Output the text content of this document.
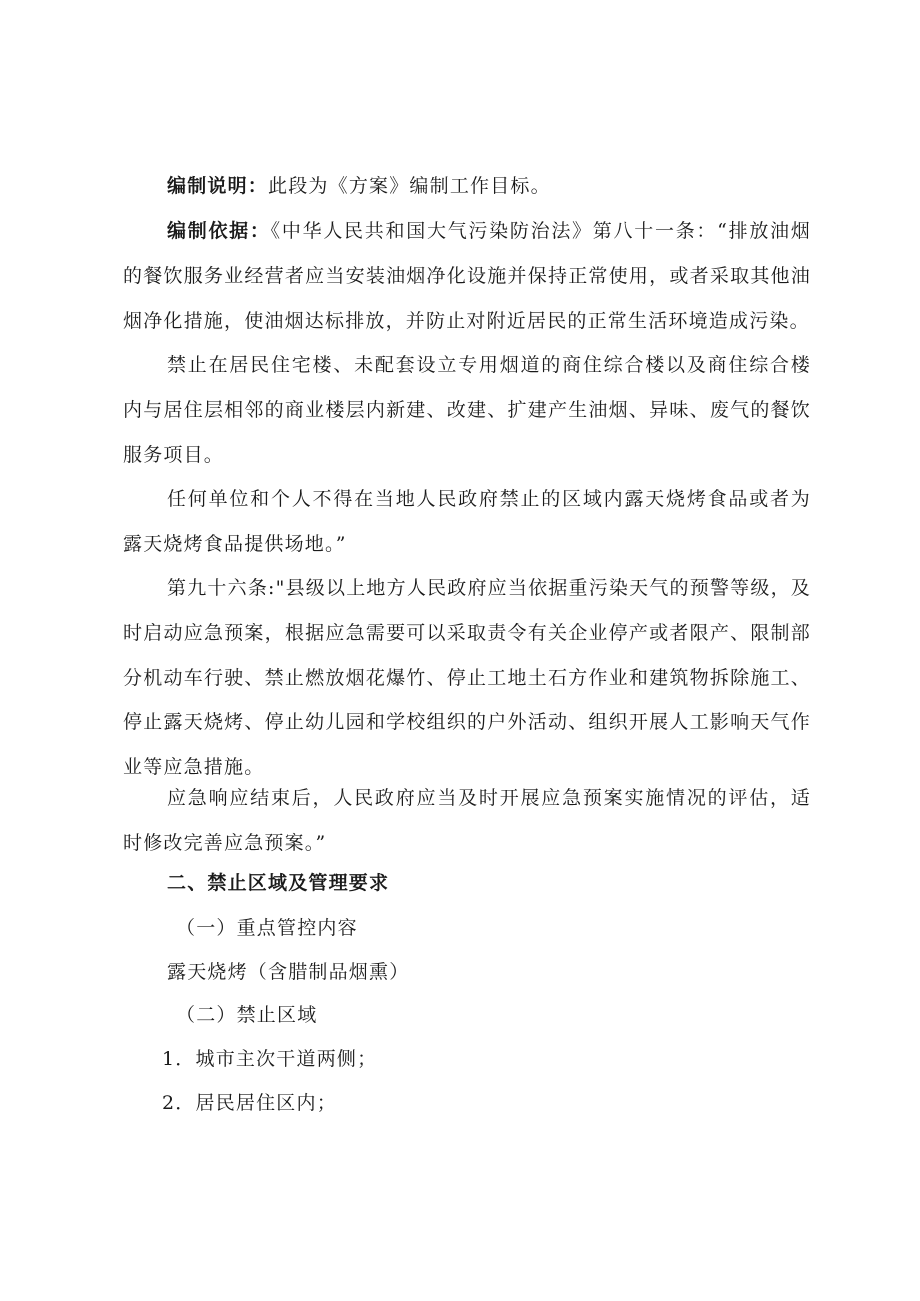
编制说明：此段为《方案》编制工作目标。

编制依据：《中华人民共和国大气污染防治法》第八十一条：“排放油烟的餐饮服务业经营者应当安装油烟净化设施并保持正常使用，或者采取其他油烟净化措施，使油烟达标排放，并防止对附近居民的正常生活环境造成污染。

禁止在居民住宅楼、未配套设立专用烟道的商住综合楼以及商住综合楼内与居住层相邻的商业楼层内新建、改建、扩建产生油烟、异味、废气的餐饮服务项目。

任何单位和个人不得在当地人民政府禁止的区域内露天烧烤食品或者为露天烧烤食品提供场地。”

第九十六条:"县级以上地方人民政府应当依据重污染天气的预警等级，及时启动应急预案，根据应急需要可以采取责令有关企业停产或者限产、限制部分机动车行驶、禁止燃放烟花爆竹、停止工地土石方作业和建筑物拆除施工、停止露天烧烤、停止幼儿园和学校组织的户外活动、组织开展人工影响天气作业等应急措施。

应急响应结束后，人民政府应当及时开展应急预案实施情况的评估，适时修改完善应急预案。”

二、禁止区域及管理要求
（一）重点管控内容
露天烧烤（含腊制品烟熏）
（二）禁止区域
1．城市主次干道两侧；
2．居民居住区内；
